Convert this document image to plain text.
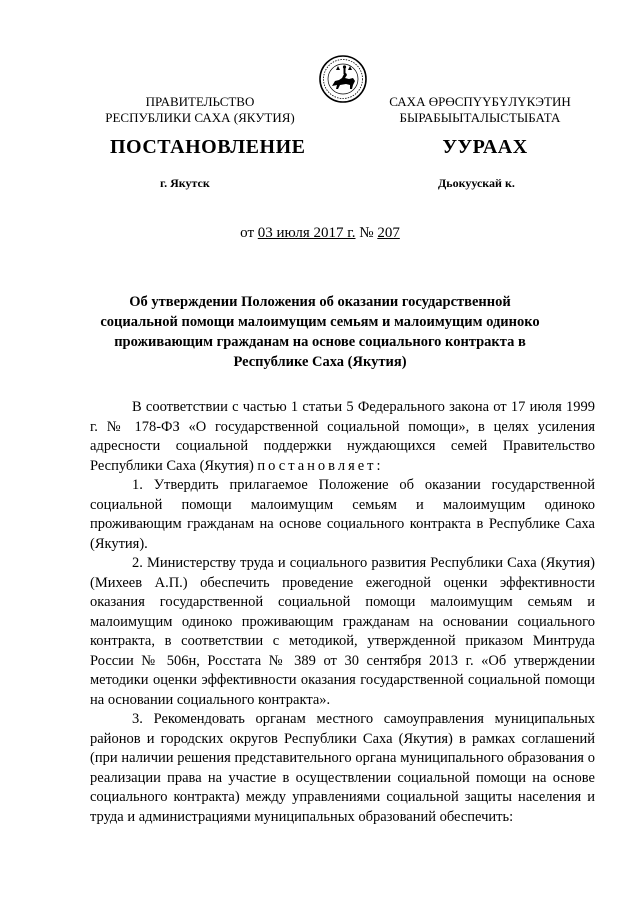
ПРАВИТЕЛЬСТВО
РЕСПУБЛИКИ САХА (ЯКУТИЯ)
САХА ӨРӨСПҮҮБҮЛҮКЭТИН
БЫРАБЫЫТАЛЫСТЫБАТА
ПОСТАНОВЛЕНИЕ	УУРААХ
г. Якутск	Дьокуускай к.
от 03 июля 2017 г. № 207
Об утверждении Положения об оказании государственной социальной помощи малоимущим семьям и малоимущим одиноко проживающим гражданам на основе социального контракта в Республике Саха (Якутия)

В соответствии с частью 1 статьи 5 Федерального закона от 17 июля 1999 г. № 178-ФЗ «О государственной социальной помощи», в целях усиления адресности социальной поддержки нуждающихся семей Правительство Республики Саха (Якутия) постановляет:

1. Утвердить прилагаемое Положение об оказании государственной социальной помощи малоимущим семьям и малоимущим одиноко проживающим гражданам на основе социального контракта в Республике Саха (Якутия).

2. Министерству труда и социального развития Республики Саха (Якутия) (Михеев А.П.) обеспечить проведение ежегодной оценки эффективности оказания государственной социальной помощи малоимущим семьям и малоимущим одиноко проживающим гражданам на основании социального контракта, в соответствии с методикой, утвержденной приказом Минтруда России № 506н, Росстата № 389 от 30 сентября 2013 г. «Об утверждении методики оценки эффективности оказания государственной социальной помощи на основании социального контракта».

3. Рекомендовать органам местного самоуправления муниципальных районов и городских округов Республики Саха (Якутия) в рамках соглашений (при наличии решения представительного органа муниципального образования о реализации права на участие в осуществлении социальной помощи на основе социального контракта) между управлениями социальной защиты населения и труда и администрациями муниципальных образований обеспечить:
